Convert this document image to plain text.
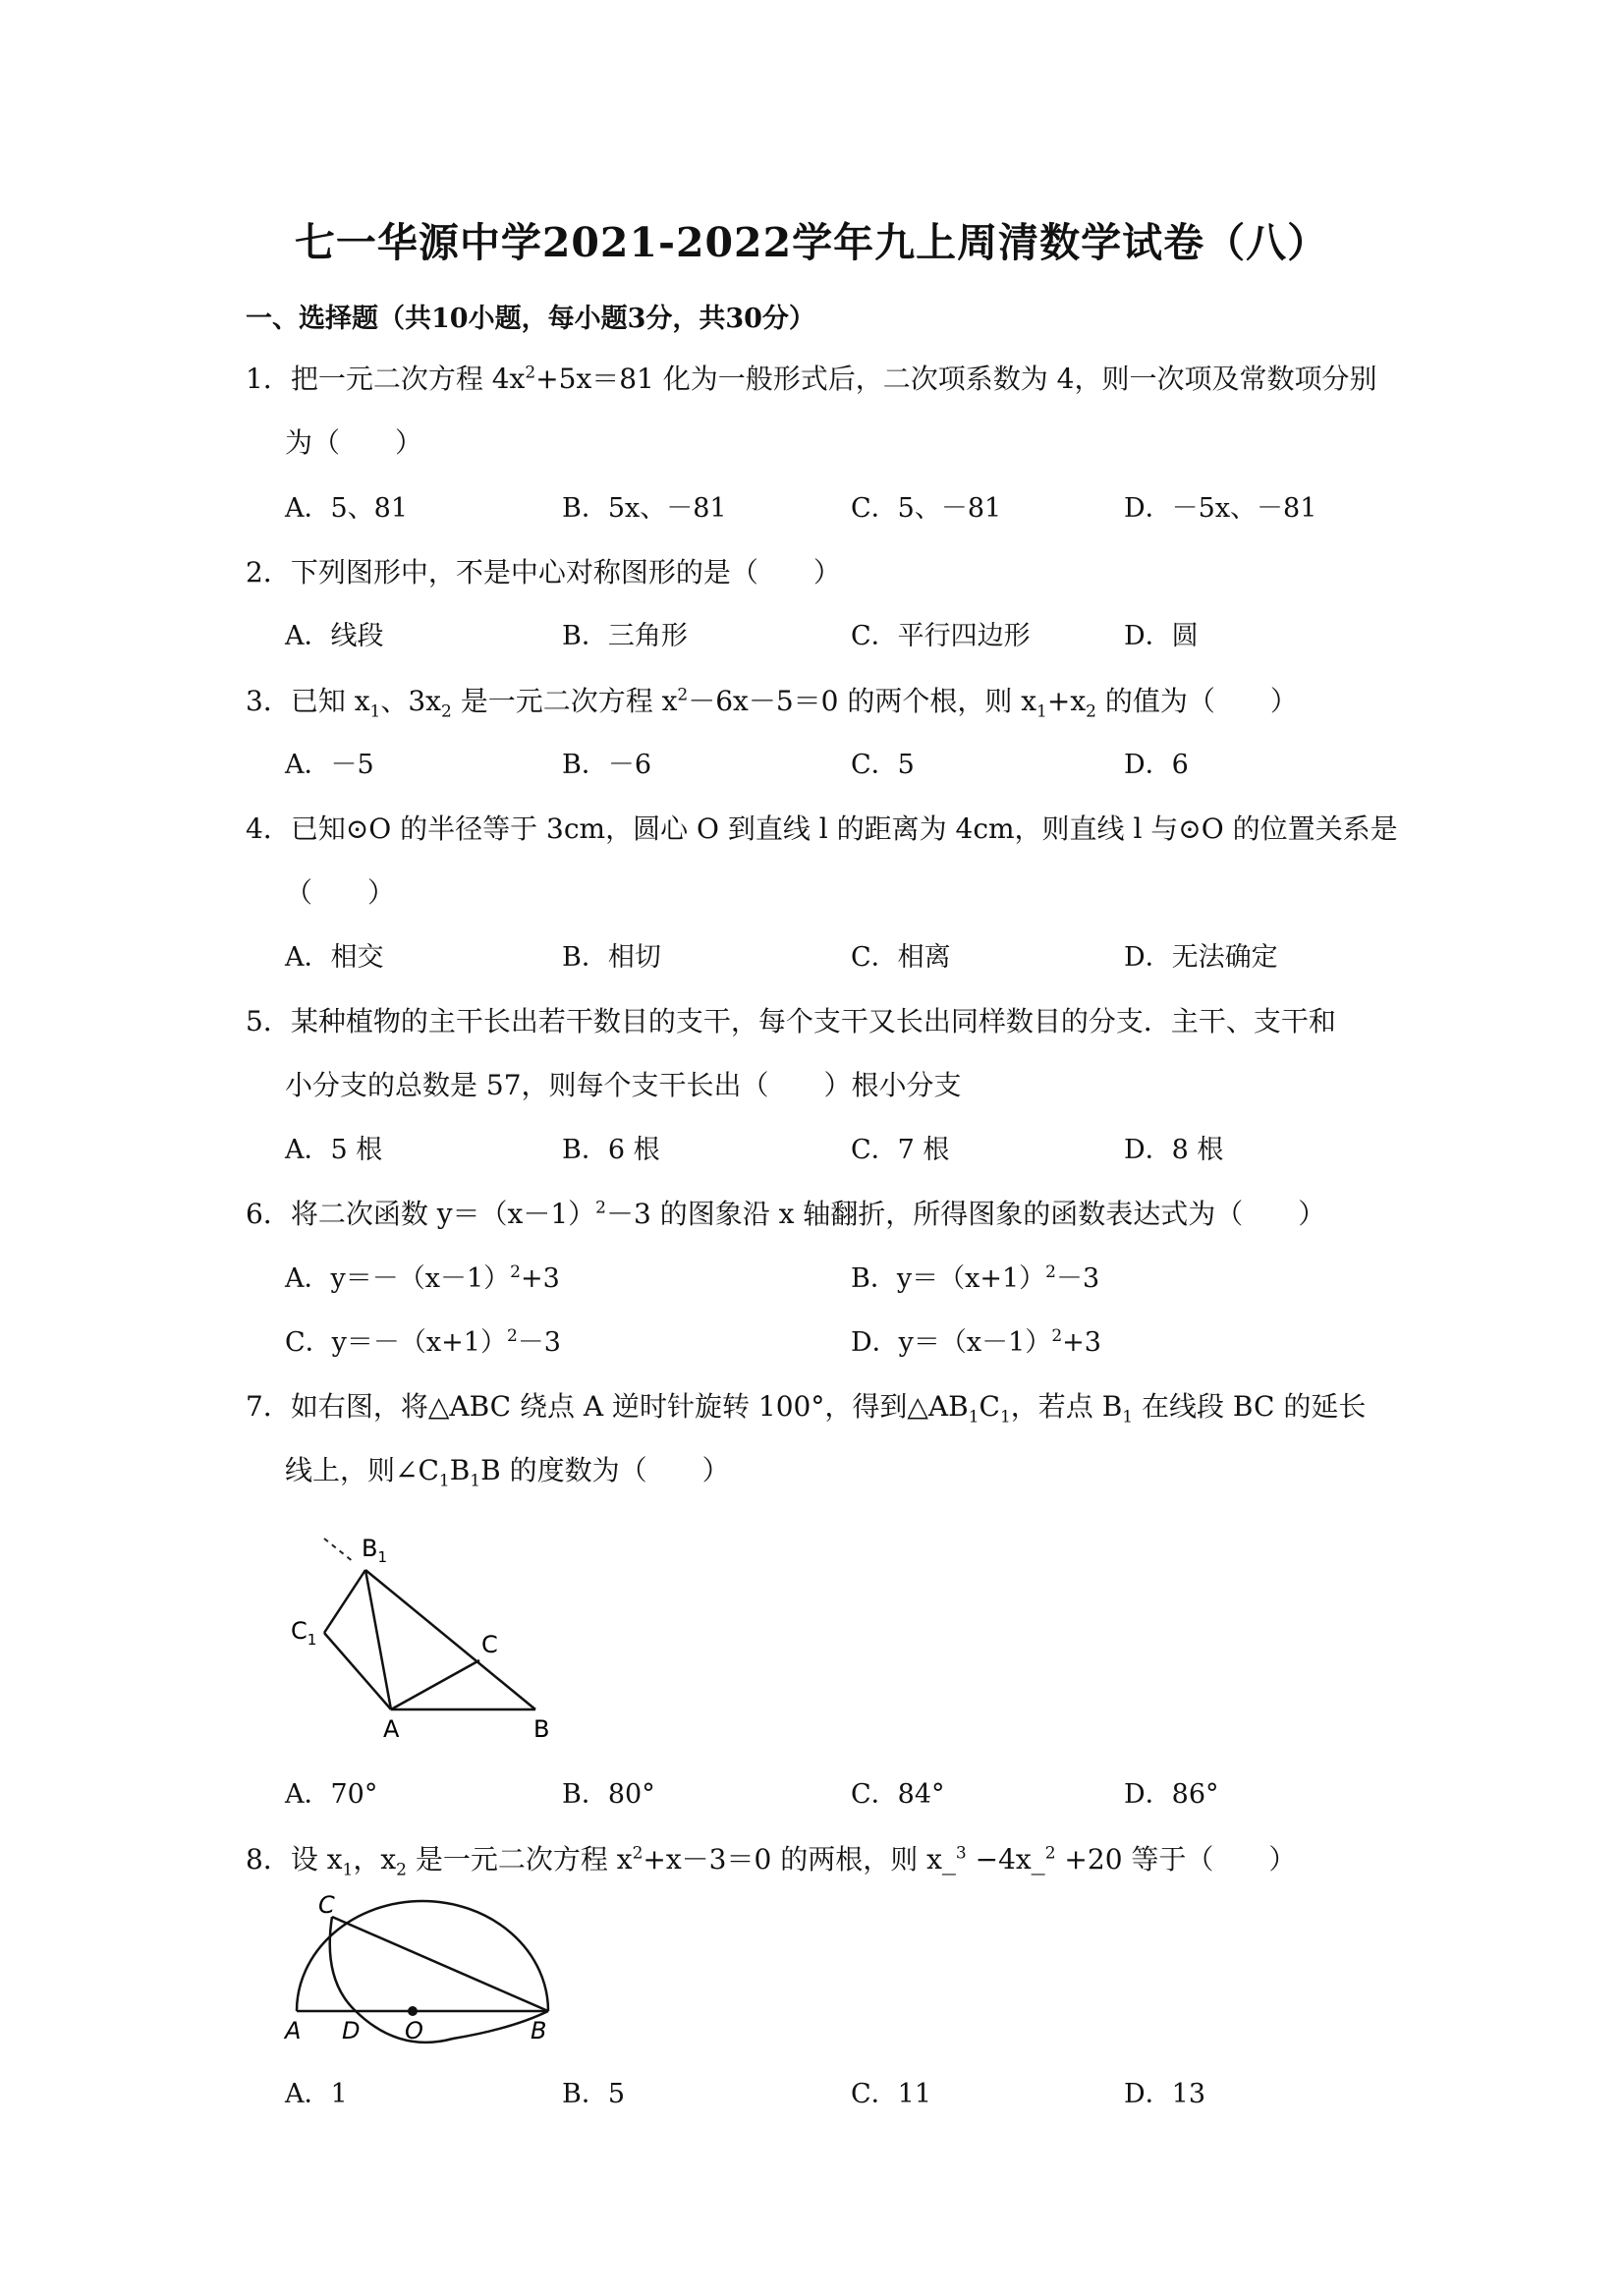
七一华源中学2021-2022学年九上周清数学试卷（八）
一、选择题（共10小题，每小题3分，共30分）
1．把一元二次方程 $4x^2+5x=81$ 化为一般形式后，二次项系数为 4，则一次项及常数项分别
为（　　）
A．5、81	B．5x、－81	C．5、－81	D．－5x、－81
2．下列图形中，不是中心对称图形的是（　　）
A．线段	B．三角形	C．平行四边形	D．圆
3．已知 $x_1$、$3x_2$ 是一元二次方程 $x^2-6x-5=0$ 的两个根，则 $x_1+x_2$ 的值为（　　）
A．－5	B．－6	C．5	D．6
4．已知⊙O 的半径等于 3cm，圆心 O 到直线 l 的距离为 4cm，则直线 l 与⊙O 的位置关系是
（　　）
A．相交	B．相切	C．相离	D．无法确定
5．某种植物的主干长出若干数目的支干，每个支干又长出同样数目的分支．主干、支干和
小分支的总数是 57，则每个支干长出（　　）根小分支
A．5 根	B．6 根	C．7 根	D．8 根
6．将二次函数 $y=(x-1)^2-3$ 的图象沿 x 轴翻折，所得图象的函数表达式为（　　）
A．$y=-(x-1)^2+3$	B．$y=(x+1)^2-3$
C．$y=-(x+1)^2-3$	D．$y=(x-1)^2+3$
7．如右图，将△ABC 绕点 A 逆时针旋转 100°，得到$\triangle AB_1C_1$，若点 $B_1$ 在线段 BC 的延长
线上，则$\angle C_1B_1B$ 的度数为（　　）
$B_1$
$C_1$	C
A	B
A．70°	B．80°	C．84°	D．86°
8．设 $x_1$，$x_2$ 是一元二次方程 $x^2+x-3=0$ 的两根，则 x_$^3$ −4x_$^2$ +20 等于（　　）
C
A D O	B
A．1	B．5	C．11	D．13
